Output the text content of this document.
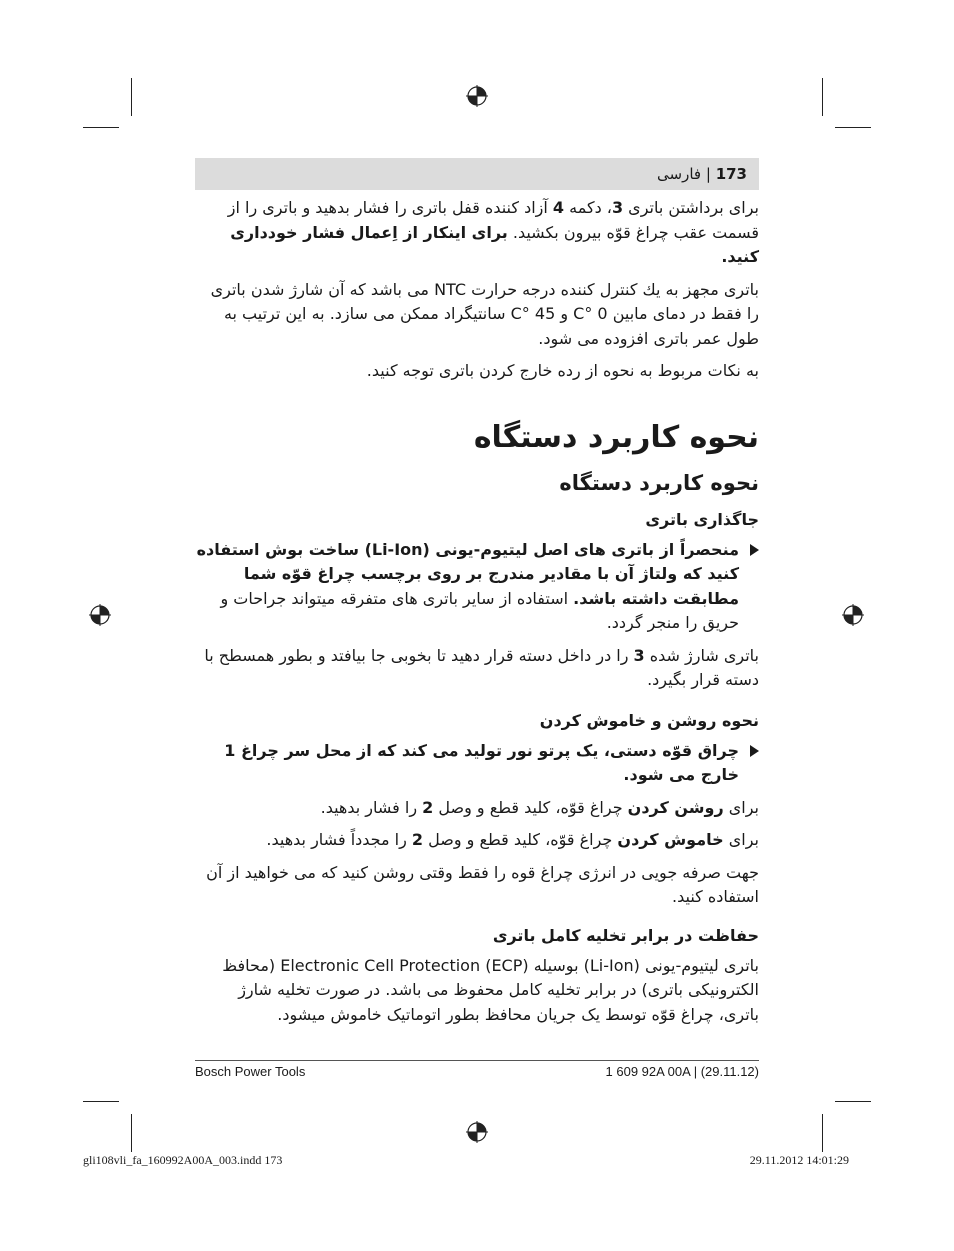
173 | فارسی

برای برداشتن باتری 3، دکمه 4 آزاد کننده قفل باتری را فشار بدهید و باتری را از قسمت عقب چراغ قوّه بیرون بکشید. برای اینکار از اِعمال فشار خودداری کنید.

باتری مجهز به یك کنترل کننده درجه حرارت NTC می باشد که آن شارژ شدن باتری را فقط در دمای مابین 0 °C و 45 °C سانتیگراد ممکن می سازد. به این ترتیب به طول عمر باتری افزوده می شود.

به نکات مربوط به نحوه از رده خارج کردن باتری توجه کنید.

نحوه کاربرد دستگاه
نحوه کاربرد دستگاه
جاگذاری باتری

منحصراً از باتری های اصل لیتیوم-یونی (Li-Ion) ساخت بوش استفاده کنید که ولتاژ آن با مقادیر مندرج بر روی برچسب چراغ قوّه شما مطابقت داشته باشد. استفاده از سایر باتری های متفرقه میتواند جراحات و حریق را منجر گردد.

باتری شارژ شده 3 را در داخل دسته قرار دهید تا بخوبی جا بیافتد و بطور همسطح با دسته قرار بگیرد.

نحوه روشن و خاموش کردن

چراق قوّه دستی، یک پرتو نور تولید می کند که از محل سر چراغ 1 خارج می شود.

برای روشن کردن چراغ قوّه، کلید قطع و وصل 2 را فشار بدهید.

برای خاموش کردن چراغ قوّه، کلید قطع و وصل 2 را مجدداً فشار بدهید.

جهت صرفه جویی در انرژی چراغ قوه را فقط وقتی روشن کنید که می خواهید از آن استفاده کنید.

حفاظت در برابر تخلیه کامل باتری

باتری لیتیوم-یونی (Li-Ion) بوسیله Electronic Cell Protection (ECP) (محافظ الکترونیکی باتری) در برابر تخلیه کامل محفوظ می باشد. در صورت تخلیه شارژ باتری، چراغ قوّه توسط یک جریان محافظ بطور اتوماتیک خاموش میشود.

Bosch Power Tools	1 609 92A 00A | (29.11.12)
gli108vli_fa_160992A00A_003.indd 173	29.11.2012 14:01:29
